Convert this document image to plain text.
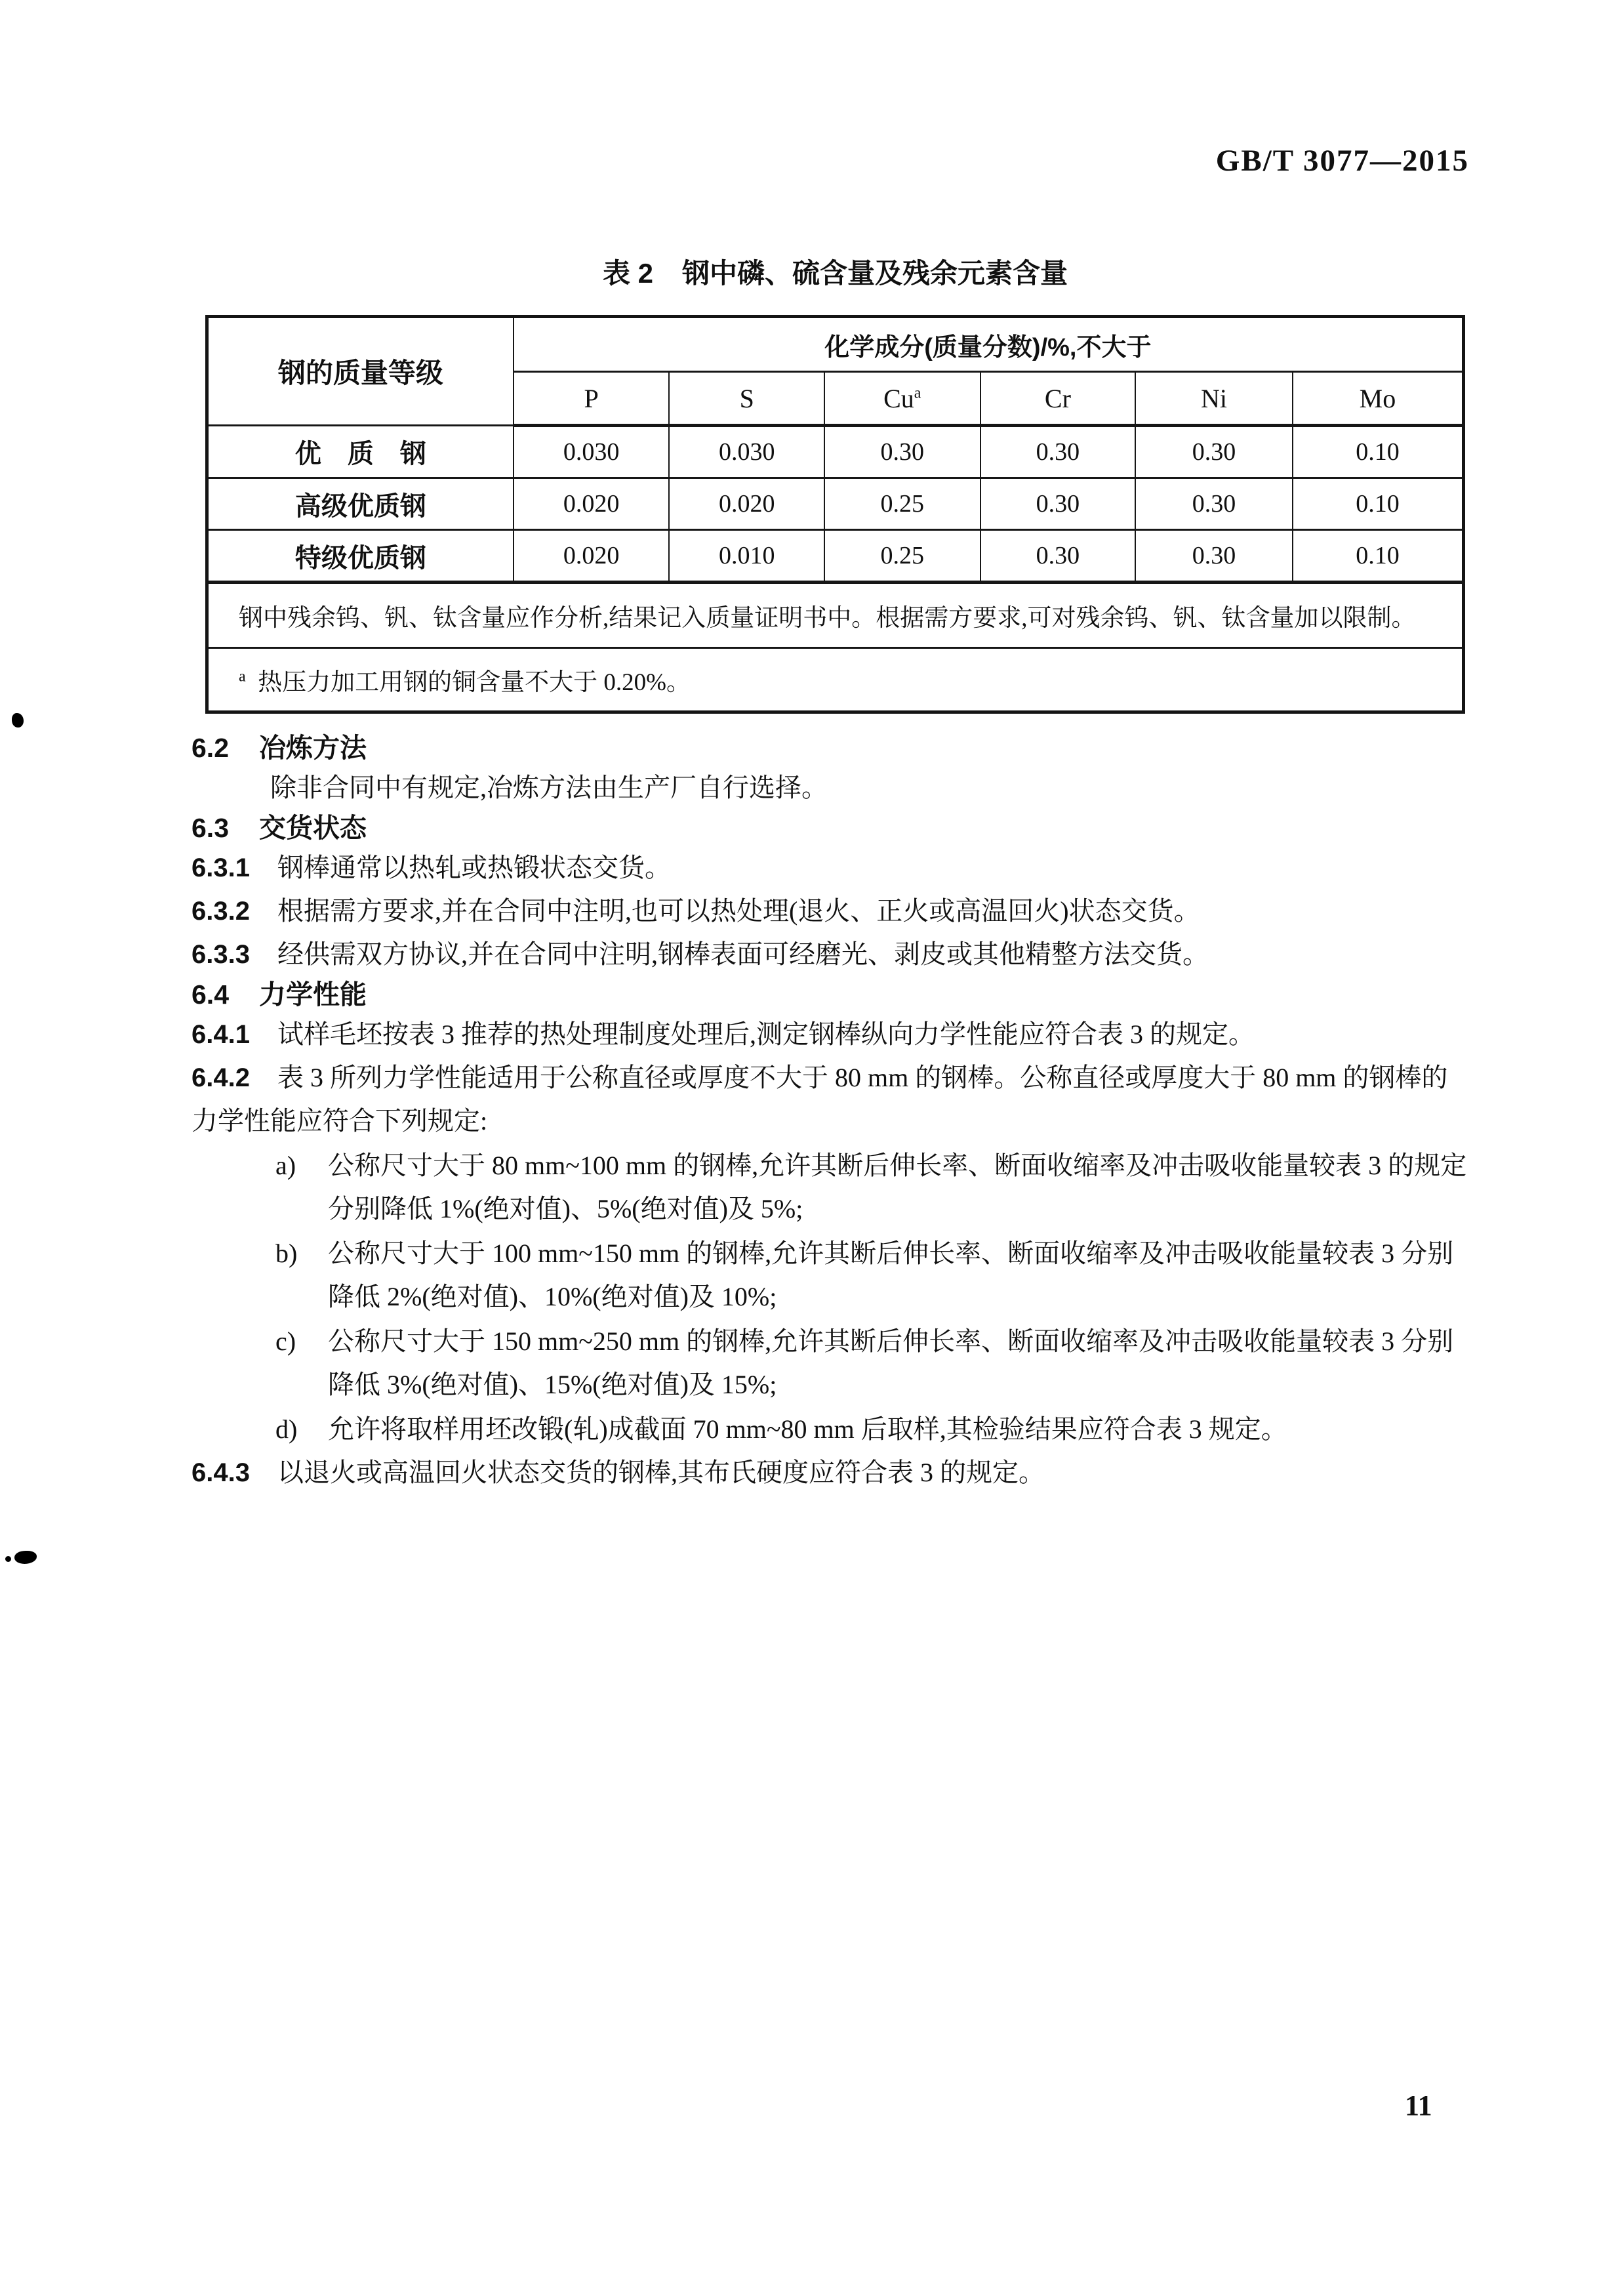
GB/T 3077—2015
表 2 钢中磷、硫含量及残余元素含量
钢的质量等级	化学成分(质量分数)/%,不大于					
	P	S	Cu$^a$	Cr	Ni	Mo
优　质　钢	0.030	0.030	0.30	0.30	0.30	0.10
高级优质钢	0.020	0.020	0.25	0.30	0.30	0.10
特级优质钢	0.020	0.010	0.25	0.30	0.30	0.10
钢中残余钨、钒、钛含量应作分析,结果记入质量证明书中。根据需方要求,可对残余钨、钒、钛含量加以限制。						
$^a$ 热压力加工用钢的铜含量不大于 0.20%。						

6.2 冶炼方法

除非合同中有规定,冶炼方法由生产厂自行选择。

6.3 交货状态

6.3.1 钢棒通常以热轧或热锻状态交货。

6.3.2 根据需方要求,并在合同中注明,也可以热处理(退火、正火或高温回火)状态交货。

6.3.3 经供需双方协议,并在合同中注明,钢棒表面可经磨光、剥皮或其他精整方法交货。

6.4 力学性能

6.4.1 试样毛坯按表 3 推荐的热处理制度处理后,测定钢棒纵向力学性能应符合表 3 的规定。

6.4.2 表 3 所列力学性能适用于公称直径或厚度不大于 80 mm 的钢棒。公称直径或厚度大于 80 mm 的钢棒的力学性能应符合下列规定:

a) 公称尺寸大于 80 mm~100 mm 的钢棒,允许其断后伸长率、断面收缩率及冲击吸收能量较表 3 的规定分别降低 1%(绝对值)、5%(绝对值)及 5%;
b) 公称尺寸大于 100 mm~150 mm 的钢棒,允许其断后伸长率、断面收缩率及冲击吸收能量较表 3 分别降低 2%(绝对值)、10%(绝对值)及 10%;
c) 公称尺寸大于 150 mm~250 mm 的钢棒,允许其断后伸长率、断面收缩率及冲击吸收能量较表 3 分别降低 3%(绝对值)、15%(绝对值)及 15%;
d) 允许将取样用坯改锻(轧)成截面 70 mm~80 mm 后取样,其检验结果应符合表 3 规定。

6.4.3 以退火或高温回火状态交货的钢棒,其布氏硬度应符合表 3 的规定。

11
